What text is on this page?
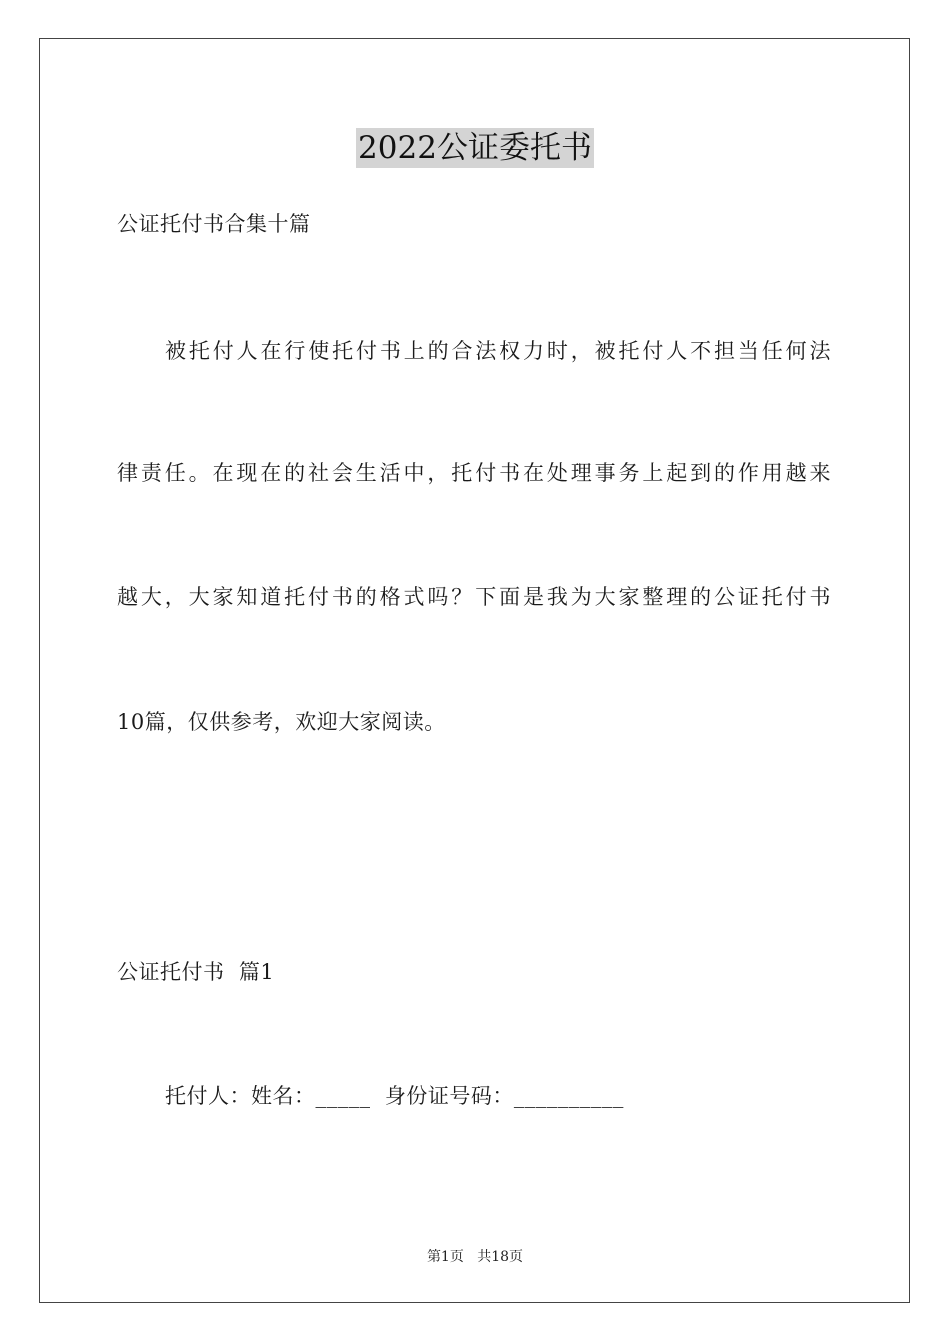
2022公证委托书
公证托付书合集十篇
被托付人在行使托付书上的合法权力时，被托付人不担当任何法
律责任。在现在的社会生活中，托付书在处理事务上起到的作用越来
越大，大家知道托付书的格式吗？下面是我为大家整理的公证托付书
10篇，仅供参考，欢迎大家阅读。
公证托付书  篇1
托付人：姓名：_____  身份证号码：__________
第1页 共18页
